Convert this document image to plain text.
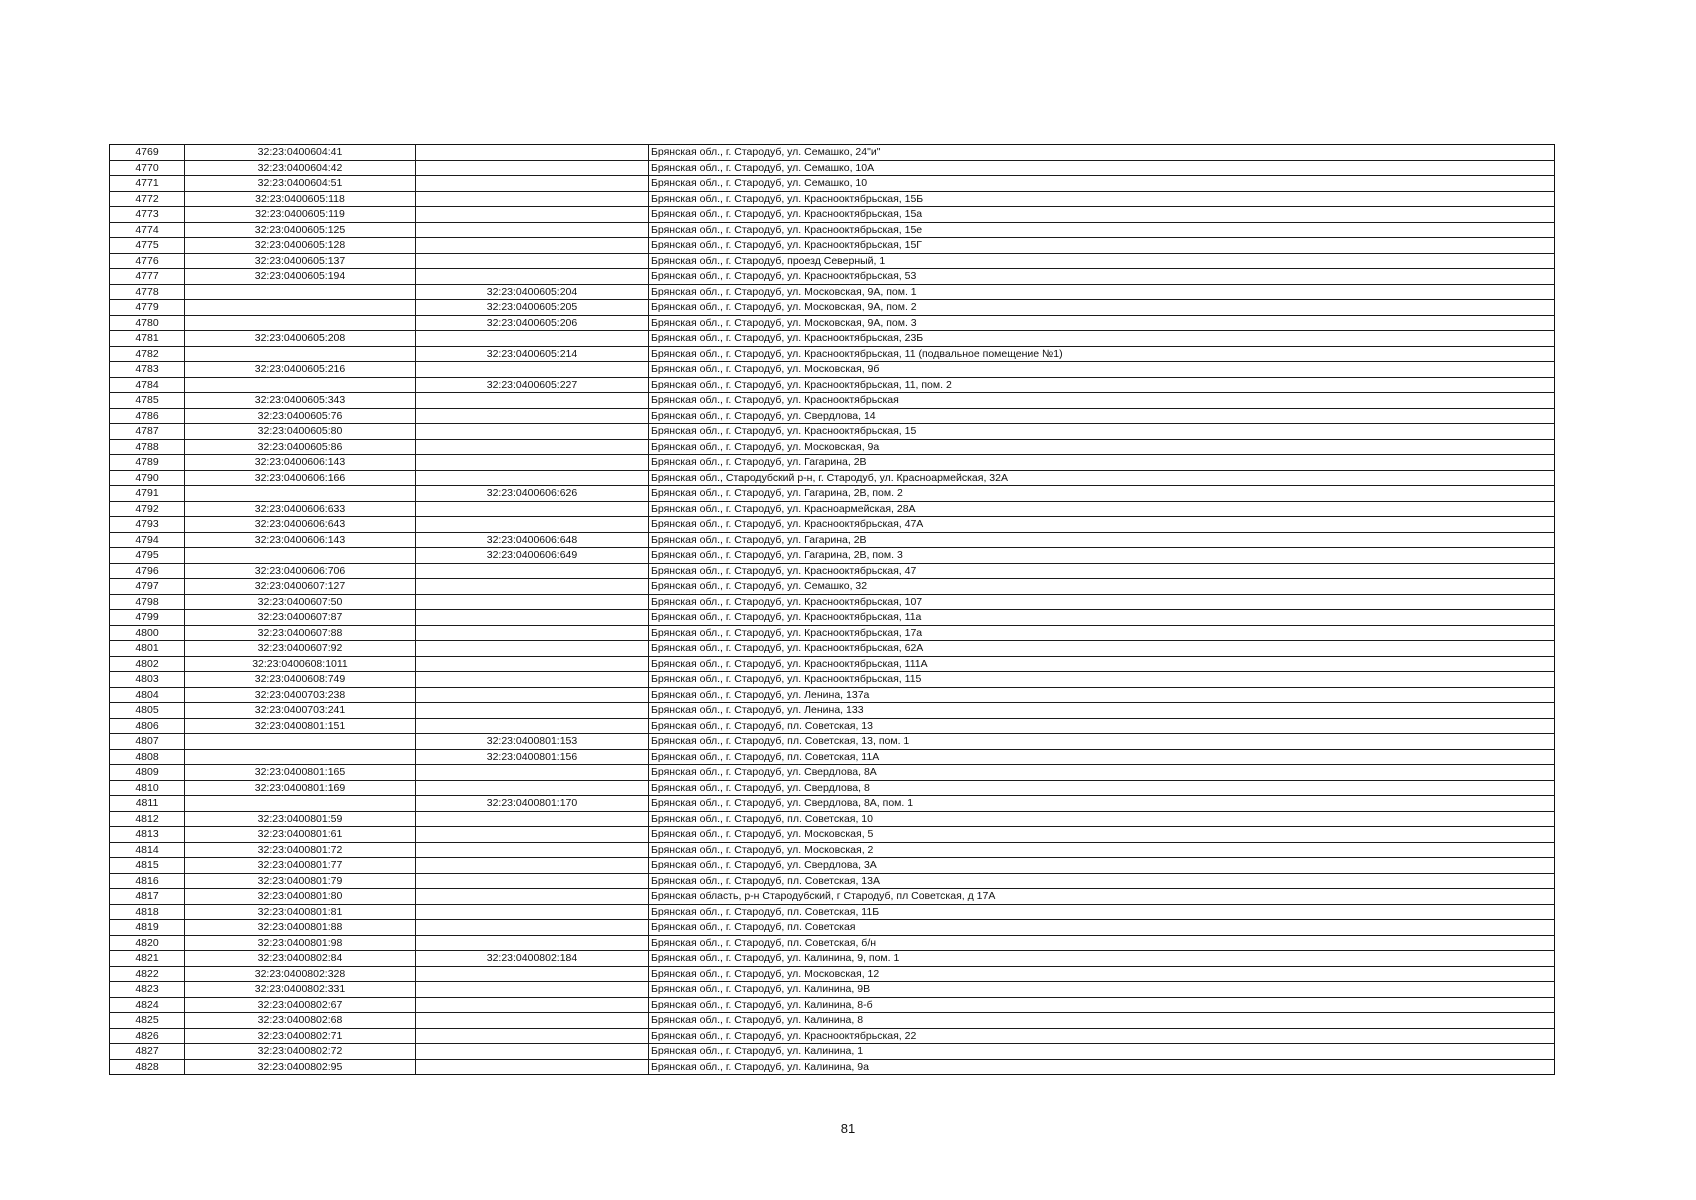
4769	32:23:0400604:41		Брянская обл., г. Стародуб, ул. Семашко, 24"и"
4770	32:23:0400604:42		Брянская обл., г. Стародуб, ул. Семашко, 10А
4771	32:23:0400604:51		Брянская обл., г. Стародуб, ул. Семашко, 10
4772	32:23:0400605:118		Брянская обл., г. Стародуб, ул. Краснооктябрьская, 15Б
4773	32:23:0400605:119		Брянская обл., г. Стародуб, ул. Краснооктябрьская, 15а
4774	32:23:0400605:125		Брянская обл., г. Стародуб, ул. Краснооктябрьская, 15е
4775	32:23:0400605:128		Брянская обл., г. Стародуб, ул. Краснооктябрьская, 15Г
4776	32:23:0400605:137		Брянская обл., г. Стародуб, проезд Северный, 1
4777	32:23:0400605:194		Брянская обл., г. Стародуб, ул. Краснооктябрьская, 53
4778		32:23:0400605:204	Брянская обл., г. Стародуб, ул. Московская, 9А, пом. 1
4779		32:23:0400605:205	Брянская обл., г. Стародуб, ул. Московская, 9А, пом. 2
4780		32:23:0400605:206	Брянская обл., г. Стародуб, ул. Московская, 9А, пом. 3
4781	32:23:0400605:208		Брянская обл., г. Стародуб, ул. Краснооктябрьская, 23Б
4782		32:23:0400605:214	Брянская обл., г. Стародуб, ул. Краснооктябрьская, 11 (подвальное помещение №1)
4783	32:23:0400605:216		Брянская обл., г. Стародуб, ул. Московская, 9б
4784		32:23:0400605:227	Брянская обл., г. Стародуб, ул. Краснооктябрьская, 11, пом. 2
4785	32:23:0400605:343		Брянская обл., г. Стародуб, ул. Краснооктябрьская
4786	32:23:0400605:76		Брянская обл., г. Стародуб, ул. Свердлова, 14
4787	32:23:0400605:80		Брянская обл., г. Стародуб, ул. Краснооктябрьская, 15
4788	32:23:0400605:86		Брянская обл., г. Стародуб, ул. Московская, 9а
4789	32:23:0400606:143		Брянская обл., г. Стародуб, ул. Гагарина, 2В
4790	32:23:0400606:166		Брянская обл., Стародубский р-н, г. Стародуб, ул. Красноармейская, 32А
4791		32:23:0400606:626	Брянская обл., г. Стародуб, ул. Гагарина, 2В, пом. 2
4792	32:23:0400606:633		Брянская обл., г. Стародуб, ул. Красноармейская, 28А
4793	32:23:0400606:643		Брянская обл., г. Стародуб, ул. Краснооктябрьская, 47А
4794	32:23:0400606:143	32:23:0400606:648	Брянская обл., г. Стародуб, ул. Гагарина, 2В
4795		32:23:0400606:649	Брянская обл., г. Стародуб, ул. Гагарина, 2В, пом. 3
4796	32:23:0400606:706		Брянская обл., г. Стародуб, ул. Краснооктябрьская, 47
4797	32:23:0400607:127		Брянская обл., г. Стародуб, ул. Семашко, 32
4798	32:23:0400607:50		Брянская обл., г. Стародуб, ул. Краснооктябрьская, 107
4799	32:23:0400607:87		Брянская обл., г. Стародуб, ул. Краснооктябрьская, 11а
4800	32:23:0400607:88		Брянская обл., г. Стародуб, ул. Краснооктябрьская, 17а
4801	32:23:0400607:92		Брянская обл., г. Стародуб, ул. Краснооктябрьская, 62А
4802	32:23:0400608:1011		Брянская обл., г. Стародуб, ул. Краснооктябрьская, 111А
4803	32:23:0400608:749		Брянская обл., г. Стародуб, ул. Краснооктябрьская, 115
4804	32:23:0400703:238		Брянская обл., г. Стародуб, ул. Ленина, 137а
4805	32:23:0400703:241		Брянская обл., г. Стародуб, ул. Ленина, 133
4806	32:23:0400801:151		Брянская обл., г. Стародуб, пл. Советская, 13
4807		32:23:0400801:153	Брянская обл., г. Стародуб, пл. Советская, 13, пом. 1
4808		32:23:0400801:156	Брянская обл., г. Стародуб, пл. Советская, 11А
4809	32:23:0400801:165		Брянская обл., г. Стародуб, ул. Свердлова, 8А
4810	32:23:0400801:169		Брянская обл., г. Стародуб, ул. Свердлова, 8
4811		32:23:0400801:170	Брянская обл., г. Стародуб, ул. Свердлова, 8А, пом. 1
4812	32:23:0400801:59		Брянская обл., г. Стародуб, пл. Советская, 10
4813	32:23:0400801:61		Брянская обл., г. Стародуб, ул. Московская, 5
4814	32:23:0400801:72		Брянская обл., г. Стародуб, ул. Московская, 2
4815	32:23:0400801:77		Брянская обл., г. Стародуб, ул. Свердлова, 3А
4816	32:23:0400801:79		Брянская обл., г. Стародуб, пл. Советская, 13А
4817	32:23:0400801:80		Брянская область, р-н Стародубский, г Стародуб, пл Советская, д 17А
4818	32:23:0400801:81		Брянская обл., г. Стародуб, пл. Советская, 11Б
4819	32:23:0400801:88		Брянская обл., г. Стародуб, пл. Советская
4820	32:23:0400801:98		Брянская обл., г. Стародуб, пл. Советская, б/н
4821	32:23:0400802:84	32:23:0400802:184	Брянская обл., г. Стародуб, ул. Калинина, 9, пом. 1
4822	32:23:0400802:328		Брянская обл., г. Стародуб, ул. Московская, 12
4823	32:23:0400802:331		Брянская обл., г. Стародуб, ул. Калинина, 9В
4824	32:23:0400802:67		Брянская обл., г. Стародуб, ул. Калинина, 8-б
4825	32:23:0400802:68		Брянская обл., г. Стародуб, ул. Калинина, 8
4826	32:23:0400802:71		Брянская обл., г. Стародуб, ул. Краснооктябрьская, 22
4827	32:23:0400802:72		Брянская обл., г. Стародуб, ул. Калинина, 1
4828	32:23:0400802:95		Брянская обл., г. Стародуб, ул. Калинина, 9а
81
